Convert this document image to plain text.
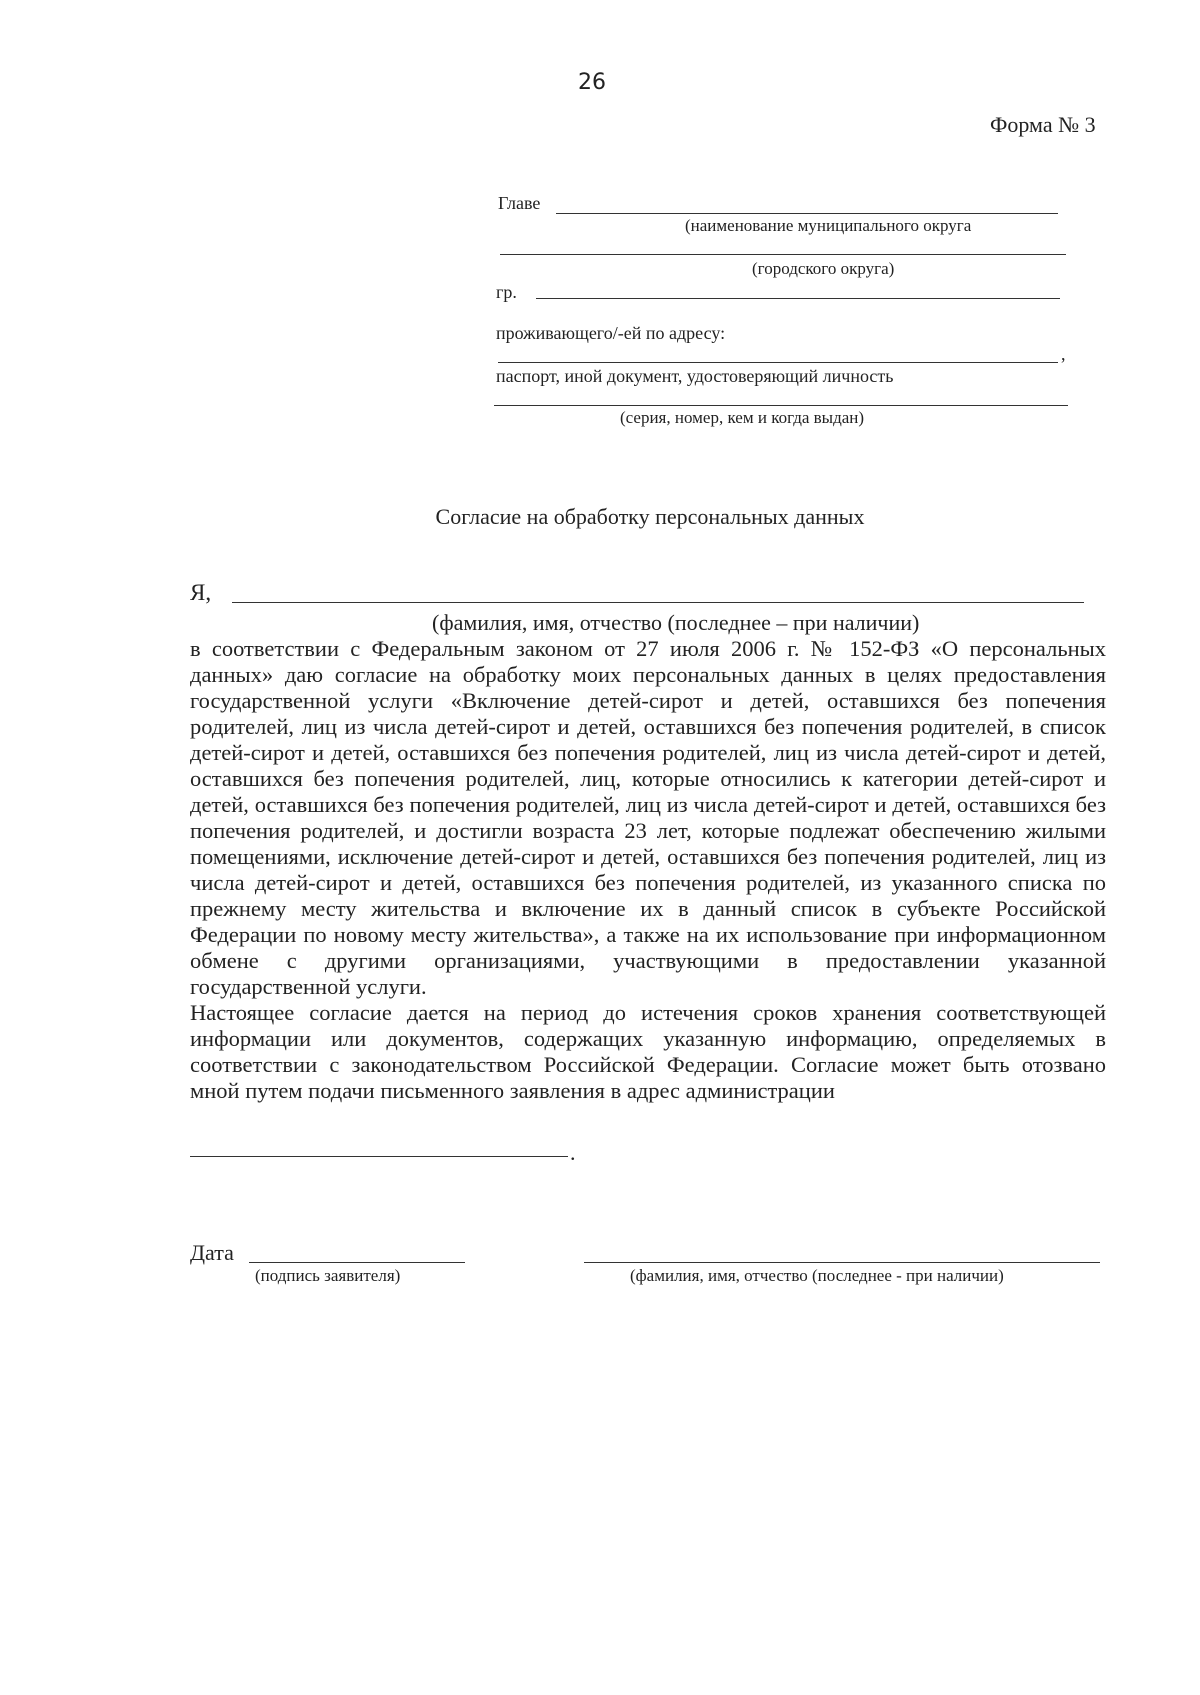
26
Форма № 3
Главе
(наименование муниципального округа
(городского округа)
гр.
проживающего/-ей по адресу:
,
паспорт, иной документ, удостоверяющий личность
(серия, номер, кем и когда выдан)
Согласие на обработку персональных данных
Я,
(фамилия, имя, отчество (последнее – при наличии)

в соответствии с Федеральным законом от 27 июля 2006 г. № 152-ФЗ «О персональных данных» даю согласие на обработку моих персональных данных в целях предоставления государственной услуги «Включение детей-сирот и детей, оставшихся без попечения родителей, лиц из числа детей-сирот и детей, оставшихся без попечения родителей, в список детей-сирот и детей, оставшихся без попечения родителей, лиц из числа детей-сирот и детей, оставшихся без попечения родителей, лиц, которые относились к категории детей-сирот и детей, оставшихся без попечения родителей, лиц из числа детей-сирот и детей, оставшихся без попечения родителей, и достигли возраста 23 лет, которые подлежат обеспечению жилыми помещениями, исключение детей-сирот и детей, оставшихся без попечения родителей, лиц из числа детей-сирот и детей, оставшихся без попечения родителей, из указанного списка по прежнему месту жительства и включение их в данный список в субъекте Российской Федерации по новому месту жительства», а также на их использование при информационном обмене с другими организациями, участвующими в предоставлении указанной государственной услуги.

Настоящее согласие дается на период до истечения сроков хранения соответствующей информации или документов, содержащих указанную информацию, определяемых в соответствии с законодательством Российской Федерации. Согласие может быть отозвано мной путем подачи письменного заявления в адрес администрации

.
Дата
(подпись заявителя)	(фамилия, имя, отчество (последнее - при наличии)
